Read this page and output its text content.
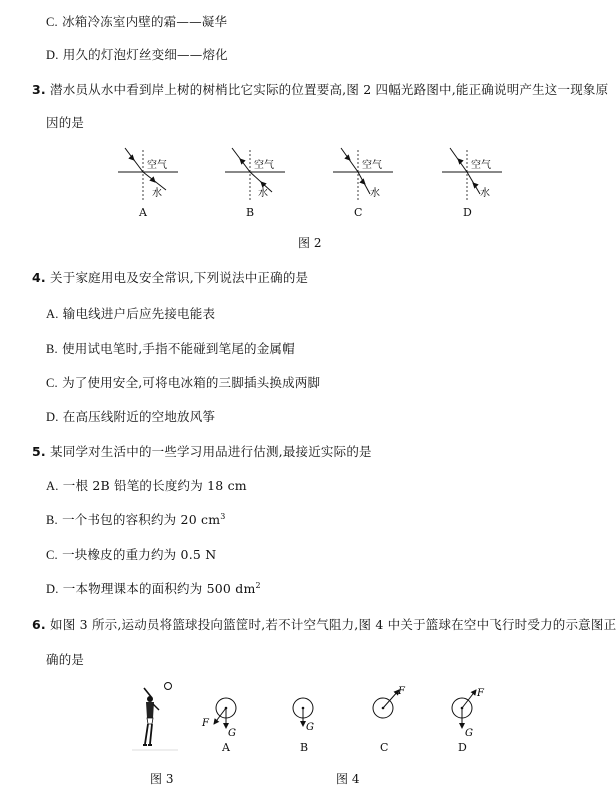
C. 冰箱冷冻室内壁的霜——凝华
D. 用久的灯泡灯丝变细——熔化
3. 潜水员从水中看到岸上树的树梢比它实际的位置要高,图 2 四幅光路图中,能正确说明产生这一现象原
因的是
空气
水
空气
水
空气
水
空气
水
A	B	C	D
图 2
4. 关于家庭用电及安全常识,下列说法中正确的是
A. 输电线进户后应先接电能表
B. 使用试电笔时,手指不能碰到笔尾的金属帽
C. 为了使用安全,可将电冰箱的三脚插头换成两脚
D. 在高压线附近的空地放风筝
5. 某同学对生活中的一些学习用品进行估测,最接近实际的是
A. 一根 2B 铅笔的长度约为 18 cm
B. 一个书包的容积约为 20 $cm^3$
C. 一块橡皮的重力约为 0.5 N
D. 一本物理课本的面积约为 500 $dm^2$
6. 如图 3 所示,运动员将篮球投向篮筐时,若不计空气阻力,图 4 中关于篮球在空中飞行时受力的示意图正
确的是
F
G
G
F	F
G
A	B	C	D
图 3	图 4
